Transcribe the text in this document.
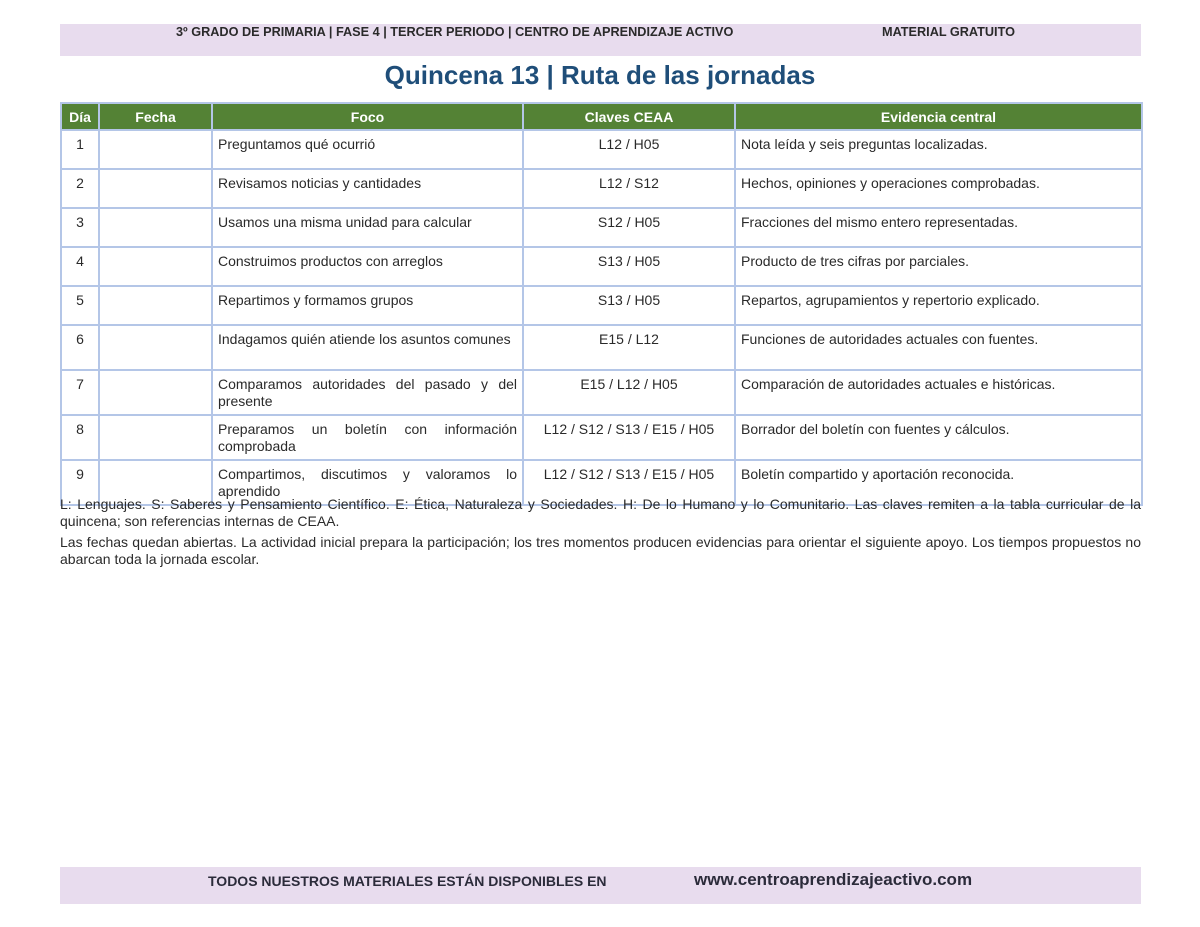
3º GRADO DE PRIMARIA | FASE 4 | TERCER PERIODO | CENTRO DE APRENDIZAJE ACTIVO	MATERIAL GRATUITO
Quincena 13 | Ruta de las jornadas
Día	Fecha	Foco	Claves CEAA	Evidencia central
1		Preguntamos qué ocurrió	L12 / H05	Nota leída y seis preguntas localizadas.
2		Revisamos noticias y cantidades	L12 / S12	Hechos, opiniones y operaciones comprobadas.
3		Usamos una misma unidad para calcular	S12 / H05	Fracciones del mismo entero representadas.
4		Construimos productos con arreglos	S13 / H05	Producto de tres cifras por parciales.
5		Repartimos y formamos grupos	S13 / H05	Repartos, agrupamientos y repertorio explicado.
6		Indagamos quién atiende los asuntos comunes	E15 / L12	Funciones de autoridades actuales con fuentes.
7		Comparamos autoridades del pasado y del presente	E15 / L12 / H05	Comparación de autoridades actuales e históricas.
8		Preparamos un boletín con información comprobada	L12 / S12 / S13 / E15 / H05	Borrador del boletín con fuentes y cálculos.
9		Compartimos, discutimos y valoramos lo aprendido	L12 / S12 / S13 / E15 / H05	Boletín compartido y aportación reconocida.

L: Lenguajes. S: Saberes y Pensamiento Científico. E: Ética, Naturaleza y Sociedades. H: De lo Humano y lo Comunitario. Las claves remiten a la tabla curricular de la quincena; son referencias internas de CEAA.

Las fechas quedan abiertas. La actividad inicial prepara la participación; los tres momentos producen evidencias para orientar el siguiente apoyo. Los tiempos propuestos no abarcan toda la jornada escolar.

TODOS NUESTROS MATERIALES ESTÁN DISPONIBLES EN	www.centroaprendizajeactivo.com
